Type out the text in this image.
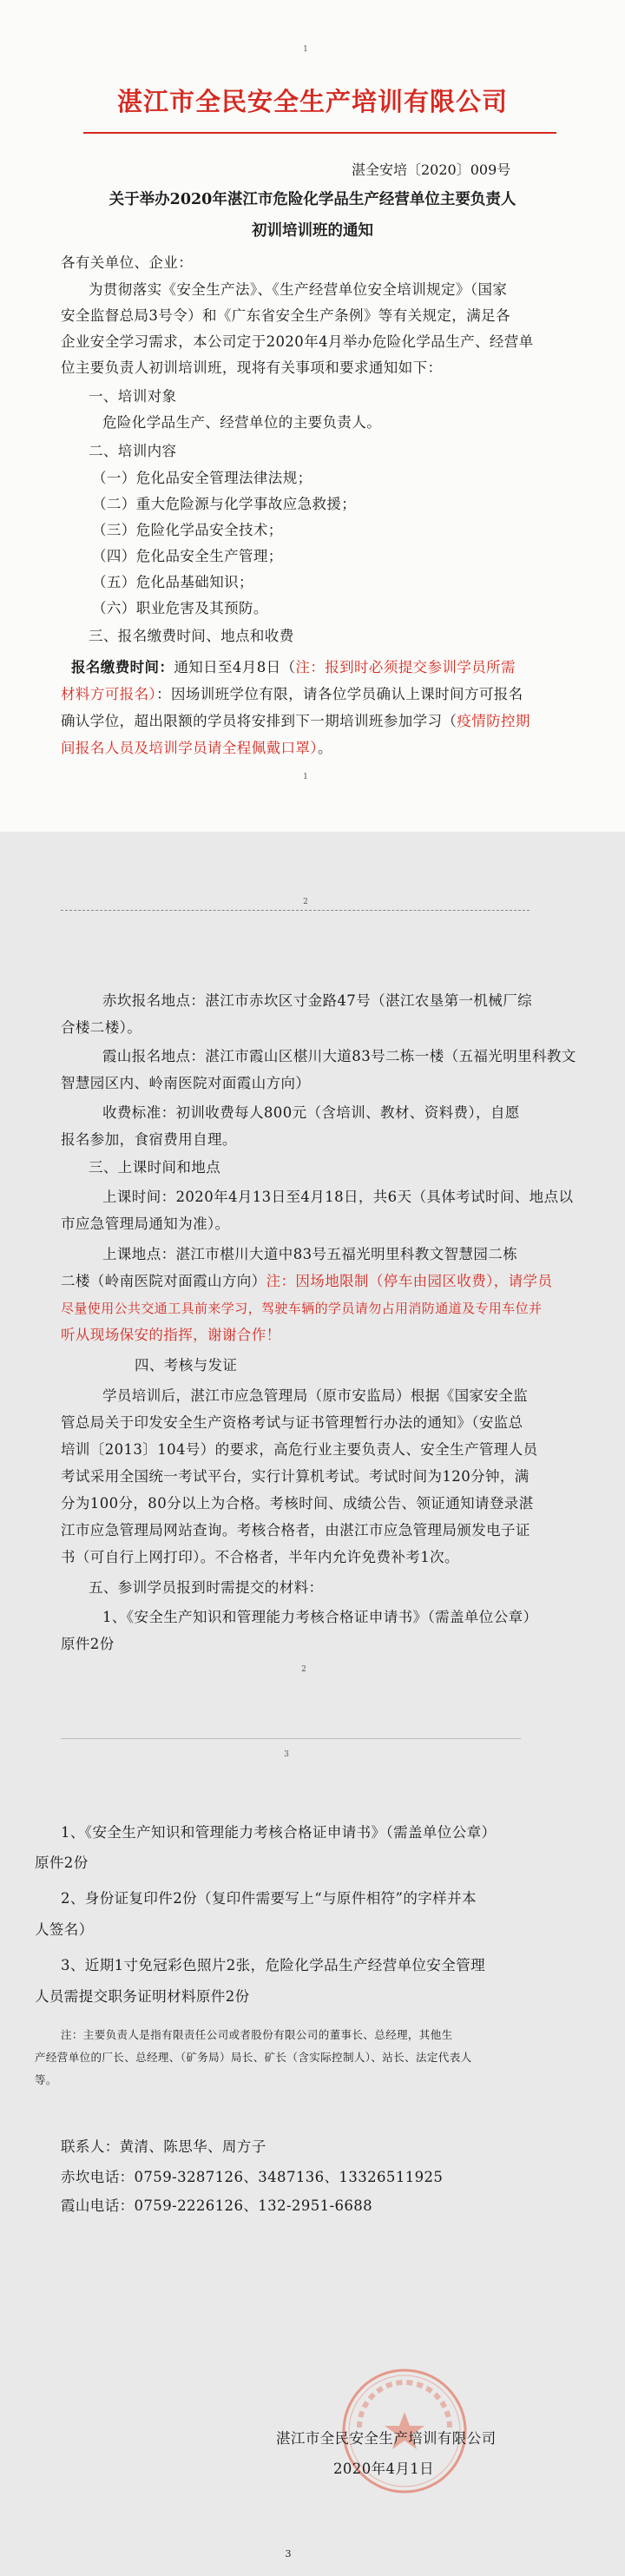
1
湛江市全民安全生产培训有限公司
湛全安培〔2020〕009号
关于举办2020年湛江市危险化学品生产经营单位主要负责人
初训培训班的通知
各有关单位、企业：
为贯彻落实《安全生产法》、《生产经营单位安全培训规定》（国家
安全监督总局3号令）和《广东省安全生产条例》等有关规定，满足各
企业安全学习需求，本公司定于2020年4月举办危险化学品生产、经营单
位主要负责人初训培训班，现将有关事项和要求通知如下：
一、培训对象
危险化学品生产、经营单位的主要负责人。
二、培训内容
（一）危化品安全管理法律法规；
（二）重大危险源与化学事故应急救援；
（三）危险化学品安全技术；
（四）危化品安全生产管理；
（五）危化品基础知识；
（六）职业危害及其预防。
三、报名缴费时间、地点和收费
报名缴费时间：通知日至4月8日（注：报到时必须提交参训学员所需
材料方可报名）：因场训班学位有限，请各位学员确认上课时间方可报名
确认学位，超出限额的学员将安排到下一期培训班参加学习（疫情防控期
间报名人员及培训学员请全程佩戴口罩）。
1
2
赤坎报名地点：湛江市赤坎区寸金路47号（湛江农垦第一机械厂综
合楼二楼）。
霞山报名地点：湛江市霞山区椹川大道83号二栋一楼（五福光明里科教文
智慧园区内、岭南医院对面霞山方向）
收费标准：初训收费每人800元（含培训、教材、资料费），自愿
报名参加，食宿费用自理。
三、上课时间和地点
上课时间：2020年4月13日至4月18日，共6天（具体考试时间、地点以
市应急管理局通知为准）。
上课地点：湛江市椹川大道中83号五福光明里科教文智慧园二栋
二楼（岭南医院对面霞山方向）注：因场地限制（停车由园区收费），请学员
尽量使用公共交通工具前来学习，驾驶车辆的学员请勿占用消防通道及专用车位并
听从现场保安的指挥，谢谢合作！
四、考核与发证
学员培训后，湛江市应急管理局（原市安监局）根据《国家安全监
管总局关于印发安全生产资格考试与证书管理暂行办法的通知》（安监总
培训〔2013〕104号）的要求，高危行业主要负责人、安全生产管理人员
考试采用全国统一考试平台，实行计算机考试。考试时间为120分钟，满
分为100分，80分以上为合格。考核时间、成绩公告、领证通知请登录湛
江市应急管理局网站查询。考核合格者，由湛江市应急管理局颁发电子证
书（可自行上网打印）。不合格者，半年内允许免费补考1次。
五、参训学员报到时需提交的材料：
1、《安全生产知识和管理能力考核合格证申请书》（需盖单位公章）
原件2份
2
3
1、《安全生产知识和管理能力考核合格证申请书》（需盖单位公章）
原件2份
2、身份证复印件2份（复印件需要写上“与原件相符”的字样并本
人签名）
3、近期1寸免冠彩色照片2张，危险化学品生产经营单位安全管理
人员需提交职务证明材料原件2份
注：主要负责人是指有限责任公司或者股份有限公司的董事长、总经理，其他生
产经营单位的厂长、总经理、（矿务局）局长、矿长（含实际控制人）、站长、法定代表人
等。
联系人：黄清、陈思华、周方子
赤坎电话：0759-3287126、3487136、13326511925
霞山电话：0759-2226126、132-2951-6688
湛江市全民安全生产培训有限公司
2020年4月1日
3
